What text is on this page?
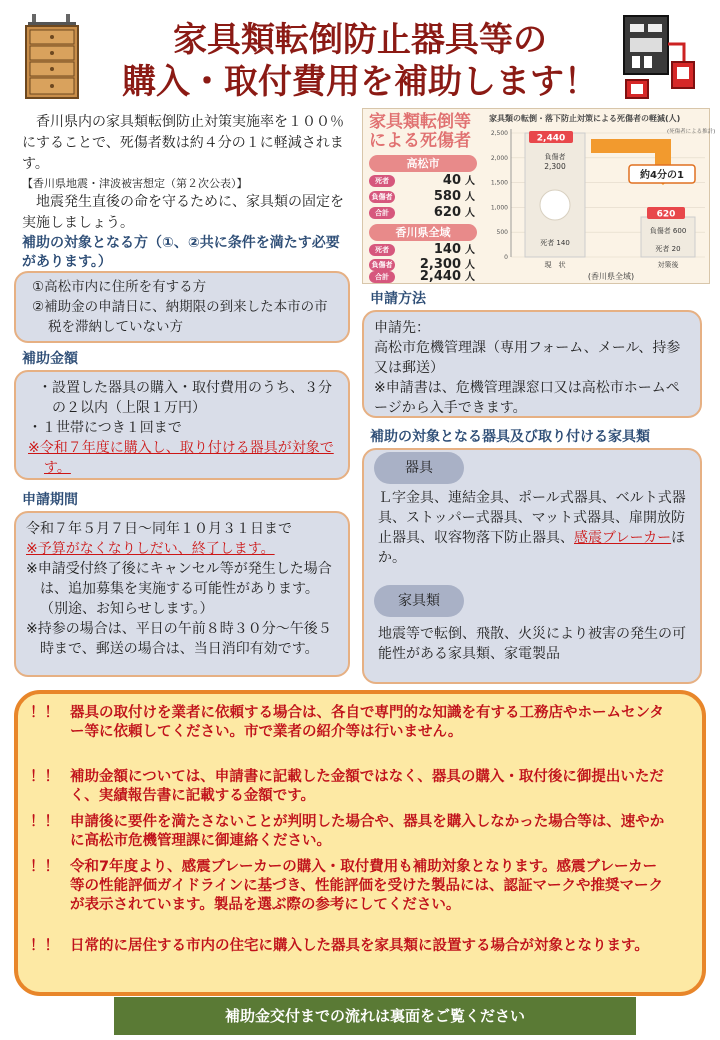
家具類転倒防止器具等の
購入・取付費用を補助します！
香川県内の家具類転倒防止対策実施率を１００％にすることで、死傷者数は約４分の１に軽減されます。
【香川県地震・津波被害想定（第２次公表）】
地震発生直後の命を守るために、家具類の固定を実施しましょう。
家具類転倒等による死傷者
高松市
死者	40 人
負傷者	580 人
合計	620 人
香川県全域
死者	140 人
負傷者 2,300 人
合計	2,440 人
家具類の転倒・落下防止対策による死傷者の軽減(人)
(死傷者による推計)
2,500
2,000
1,500
1,000
500
0
2,440
負傷者
2,300
死者 140
現　状
約4分の1
620
負傷者 600
死者 20
対策後
(香川県全域)
補助の対象となる方（①、②共に条件を満たす必要があります。）

①高松市内に住所を有する方

②補助金の申請日に、納期限の到来した本市の市税を滞納していない方

補助金額

・設置した器具の購入・取付費用のうち、３分の２以内（上限１万円）

・１世帯につき１回まで

※令和７年度に購入し、取り付ける器具が対象です。

申請期間

令和７年５月７日～同年１０月３１日まで

※予算がなくなりしだい、終了します。

※申請受付終了後にキャンセル等が発生した場合は、追加募集を実施する可能性があります。（別途、お知らせします。）

※持参の場合は、平日の午前８時３０分～午後５時まで、郵送の場合は、当日消印有効です。

申請方法

申請先：

高松市危機管理課（専用フォーム、メール、持参又は郵送）

※申請書は、危機管理課窓口又は高松市ホームページから入手できます。

補助の対象となる器具及び取り付ける家具類
器具
Ｌ字金具、連結金具、ポール式器具、ベルト式器具、ストッパー式器具、マット式器具、扉開放防止器具、収容物落下防止器具、感震ブレーカーほか。
家具類
地震等で転倒、飛散、火災により被害の発生の可能性がある家具類、家電製品
！！ 器具の取付けを業者に依頼する場合は、各自で専門的な知識を有する工務店やホームセンター等に依頼してください。市で業者の紹介等は行いません。
！！ 補助金額については、申請書に記載した金額ではなく、器具の購入・取付後に御提出いただく、実績報告書に記載する金額です。
！！ 申請後に要件を満たさないことが判明した場合や、器具を購入しなかった場合等は、速やかに高松市危機管理課に御連絡ください。
！！ 令和7年度より、感震ブレーカーの購入・取付費用も補助対象となります。感震ブレーカー等の性能評価ガイドラインに基づき、性能評価を受けた製品には、認証マークや推奨マークが表示されています。製品を選ぶ際の参考にしてください。
！！ 日常的に居住する市内の住宅に購入した器具を家具類に設置する場合が対象となります。
補助金交付までの流れは裏面をご覧ください
